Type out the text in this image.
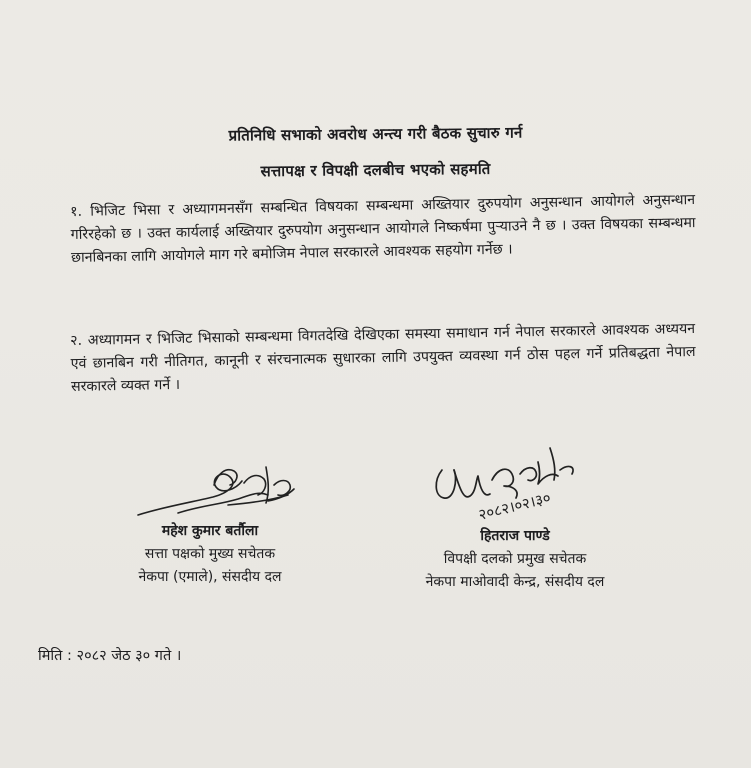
प्रतिनिधि सभाको अवरोध अन्त्य गरी बैठक सुचारु गर्न
सत्तापक्ष र विपक्षी दलबीच भएको सहमति
१. भिजिट भिसा र अध्यागमनसँग सम्बन्धित विषयका सम्बन्धमा अख्तियार दुरुपयोग अनुसन्धान आयोगले अनुसन्धान गरिरहेको छ । उक्त कार्यलाई अख्तियार दुरुपयोग अनुसन्धान आयोगले निष्कर्षमा पुऱ्याउने नै छ । उक्त विषयका सम्बन्धमा छानबिनका लागि आयोगले माग गरे बमोजिम नेपाल सरकारले आवश्यक सहयोग गर्नेछ ।
२. अध्यागमन र भिजिट भिसाको सम्बन्धमा विगतदेखि देखिएका समस्या समाधान गर्न नेपाल सरकारले आवश्यक अध्ययन एवं छानबिन गरी नीतिगत, कानूनी र संरचनात्मक सुधारका लागि उपयुक्त व्यवस्था गर्न ठोस पहल गर्ने प्रतिबद्धता नेपाल सरकारले व्यक्त गर्ने ।
२०८२।०२।३०
महेश कुमार बर्तौला
सत्ता पक्षको मुख्य सचेतक
नेकपा (एमाले), संसदीय दल
हितराज पाण्डे
विपक्षी दलको प्रमुख सचेतक
नेकपा माओवादी केन्द्र, संसदीय दल
मिति : २०८२ जेठ ३० गते ।
